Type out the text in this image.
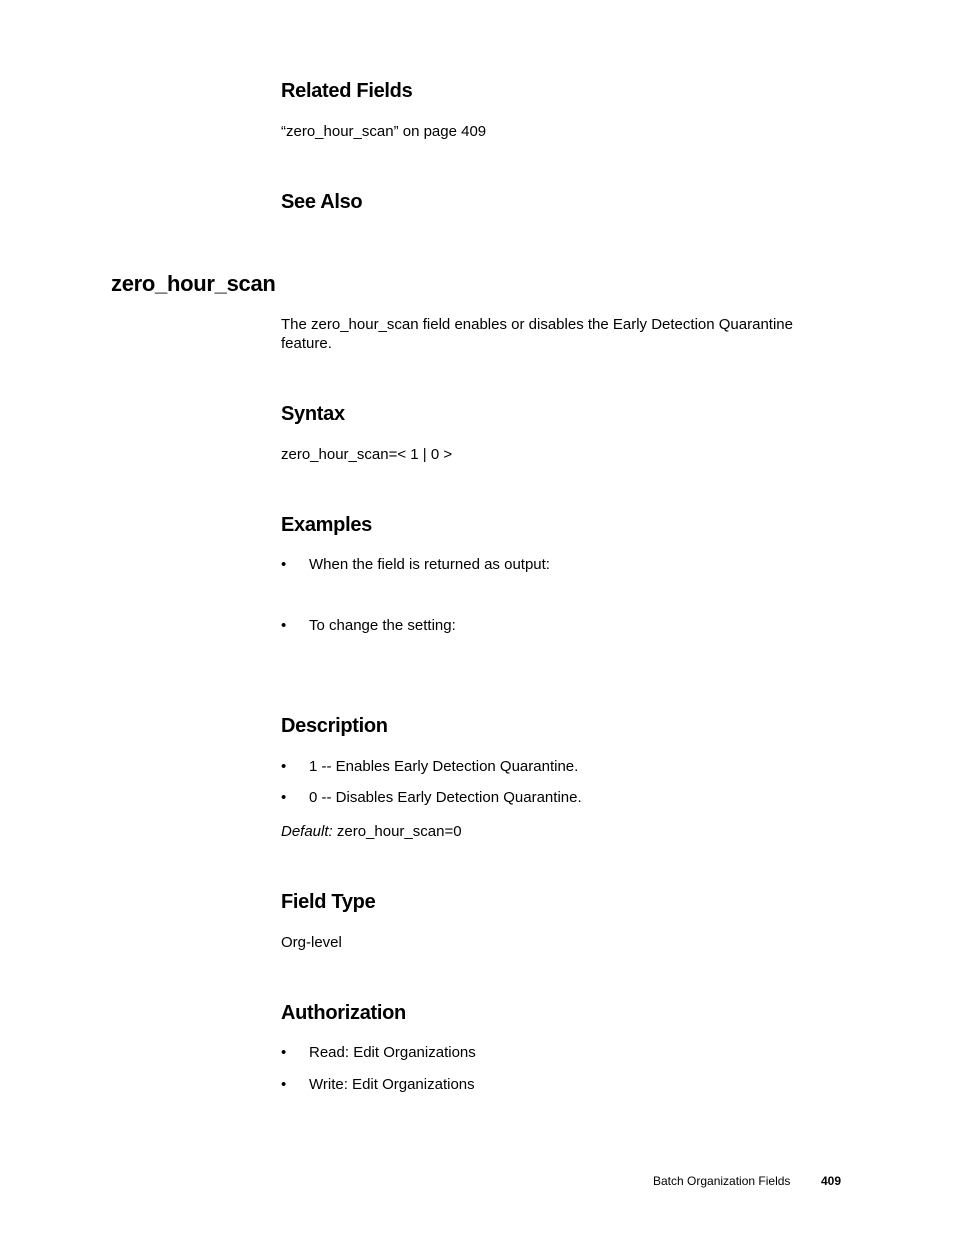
Related Fields

“zero_hour_scan” on page 409

See Also
zero_hour_scan

The zero_hour_scan field enables or disables the Early Detection Quarantine feature.

Syntax

zero_hour_scan=< 1 | 0 >

Examples
• When the field is returned as output:
• To change the setting:
Description
• 1 -- Enables Early Detection Quarantine.
• 0 -- Disables Early Detection Quarantine.

Default: zero_hour_scan=0

Field Type

Org-level

Authorization
• Read: Edit Organizations
• Write: Edit Organizations
Batch Organization Fields	409
